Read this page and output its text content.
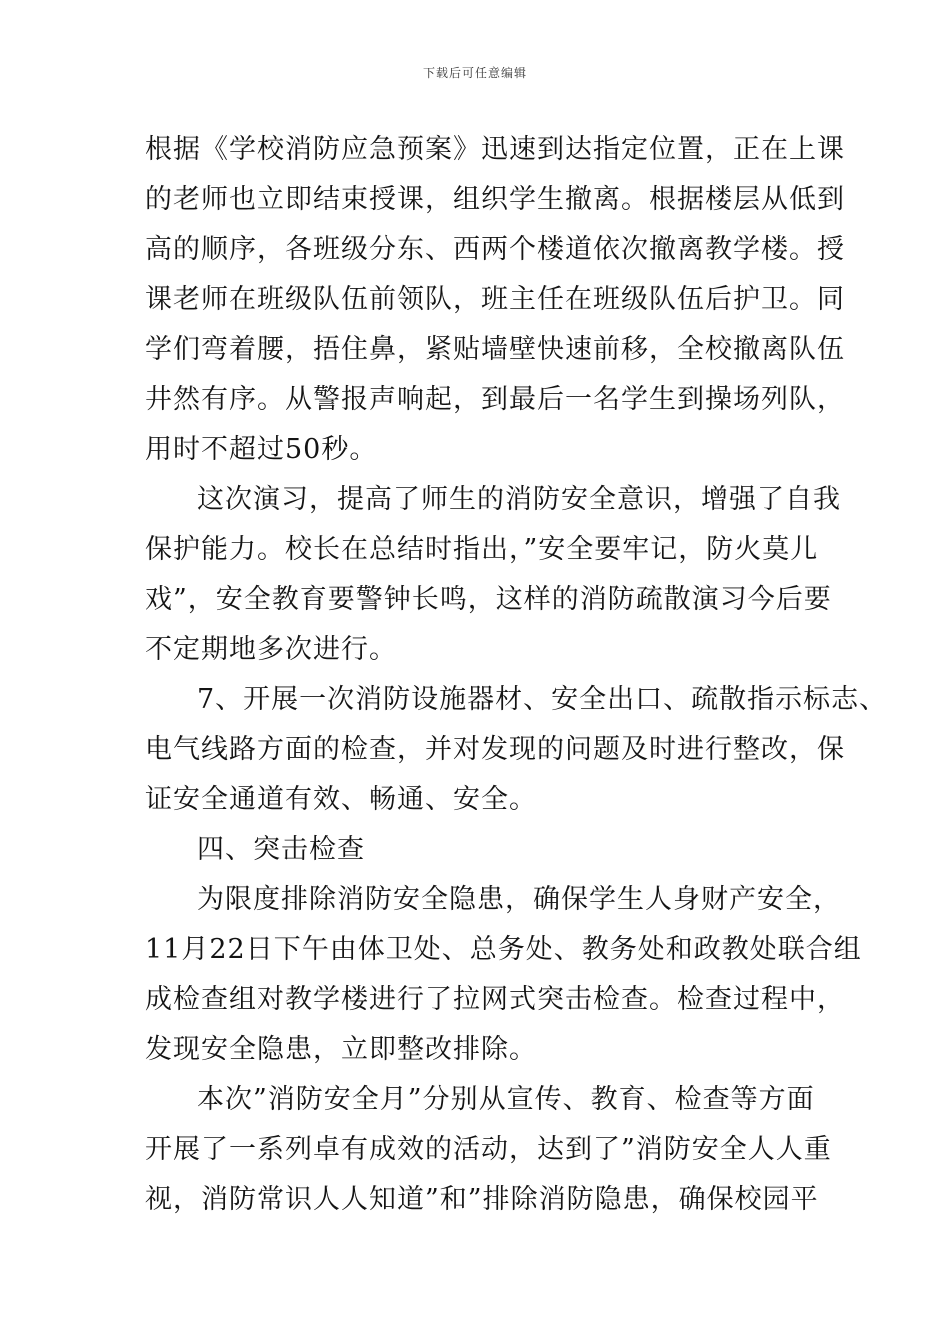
下载后可任意编辑
根据《学校消防应急预案》迅速到达指定位置，正在上课
的老师也立即结束授课，组织学生撤离。根据楼层从低到
高的顺序，各班级分东、西两个楼道依次撤离教学楼。授
课老师在班级队伍前领队，班主任在班级队伍后护卫。同
学们弯着腰，捂住鼻，紧贴墙壁快速前移，全校撤离队伍
井然有序。从警报声响起，到最后一名学生到操场列队，
用时不超过50秒。
这次演习，提高了师生的消防安全意识，增强了自我
保护能力。校长在总结时指出，”安全要牢记，防火莫儿
戏”，安全教育要警钟长鸣，这样的消防疏散演习今后要
不定期地多次进行。
7、开展一次消防设施器材、安全出口、疏散指示标志、
电气线路方面的检查，并对发现的问题及时进行整改，保
证安全通道有效、畅通、安全。
四、突击检查
为限度排除消防安全隐患，确保学生人身财产安全，
11月22日下午由体卫处、总务处、教务处和政教处联合组
成检查组对教学楼进行了拉网式突击检查。检查过程中，
发现安全隐患，立即整改排除。
本次”消防安全月”分别从宣传、教育、检查等方面
开展了一系列卓有成效的活动，达到了”消防安全人人重
视，消防常识人人知道”和”排除消防隐患，确保校园平
